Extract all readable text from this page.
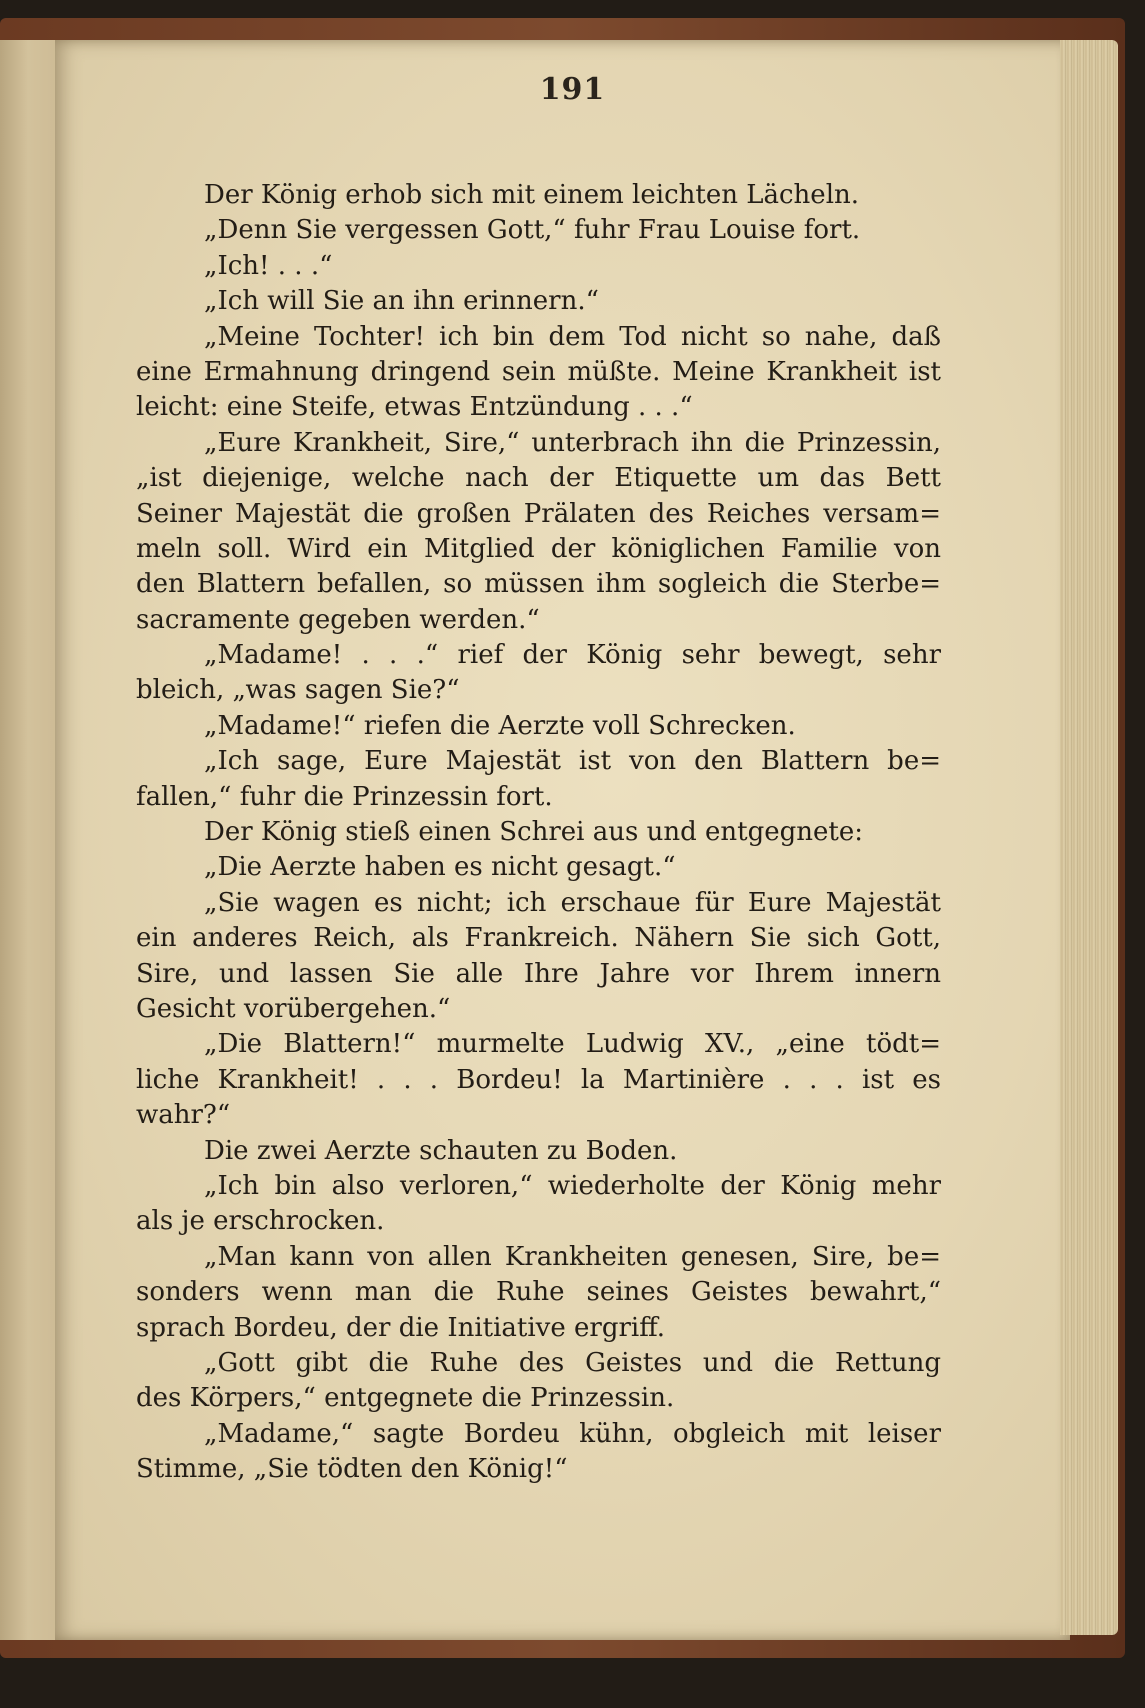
191
Der König erhob sich mit einem leichten Lächeln.
„Denn Sie vergessen Gott,“ fuhr Frau Louise fort.
„Ich! . . .“
„Ich will Sie an ihn erinnern.“
„Meine Tochter! ich bin dem Tod nicht so nahe, daß
eine Ermahnung dringend sein müßte. Meine Krankheit ist
leicht: eine Steife, etwas Entzündung . . .“
„Eure Krankheit, Sire,“ unterbrach ihn die Prinzessin,
„ist diejenige, welche nach der Etiquette um das Bett
Seiner Majestät die großen Prälaten des Reiches versam=
meln soll. Wird ein Mitglied der königlichen Familie von
den Blattern befallen, so müssen ihm sogleich die Sterbe=
sacramente gegeben werden.“
„Madame! . . .“ rief der König sehr bewegt, sehr
bleich, „was sagen Sie?“
„Madame!“ riefen die Aerzte voll Schrecken.
„Ich sage, Eure Majestät ist von den Blattern be=
fallen,“ fuhr die Prinzessin fort.
Der König stieß einen Schrei aus und entgegnete:
„Die Aerzte haben es nicht gesagt.“
„Sie wagen es nicht; ich erschaue für Eure Majestät
ein anderes Reich, als Frankreich. Nähern Sie sich Gott,
Sire, und lassen Sie alle Ihre Jahre vor Ihrem innern
Gesicht vorübergehen.“
„Die Blattern!“ murmelte Ludwig XV., „eine tödt=
liche Krankheit! . . . Bordeu! la Martinière . . . ist es
wahr?“
Die zwei Aerzte schauten zu Boden.
„Ich bin also verloren,“ wiederholte der König mehr
als je erschrocken.
„Man kann von allen Krankheiten genesen, Sire, be=
sonders wenn man die Ruhe seines Geistes bewahrt,“
sprach Bordeu, der die Initiative ergriff.
„Gott gibt die Ruhe des Geistes und die Rettung
des Körpers,“ entgegnete die Prinzessin.
„Madame,“ sagte Bordeu kühn, obgleich mit leiser
Stimme, „Sie tödten den König!“
